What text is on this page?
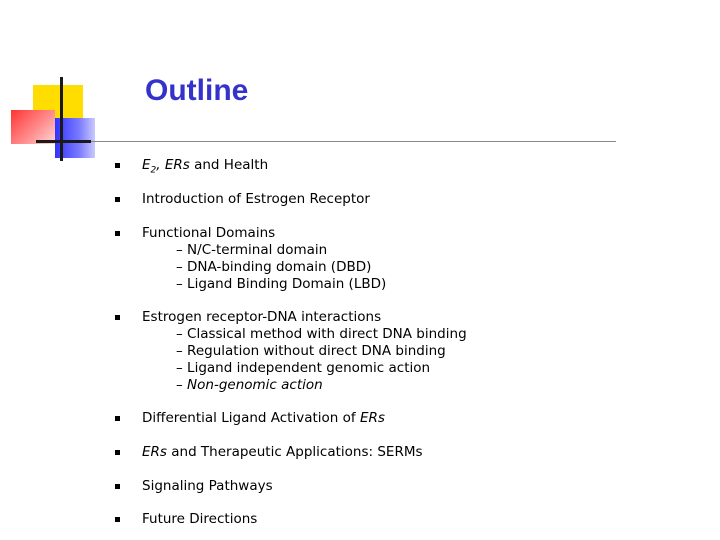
Outline
$E_2$, ERs and Health
Introduction of Estrogen Receptor
Functional Domains
– N/C-terminal domain
– DNA-binding domain (DBD)
– Ligand Binding Domain (LBD)
Estrogen receptor-DNA interactions
– Classical method with direct DNA binding
– Regulation without direct DNA binding
– Ligand independent genomic action
– Non-genomic action
Differential Ligand Activation of ERs
ERs and Therapeutic Applications: SERMs
Signaling Pathways
Future Directions
